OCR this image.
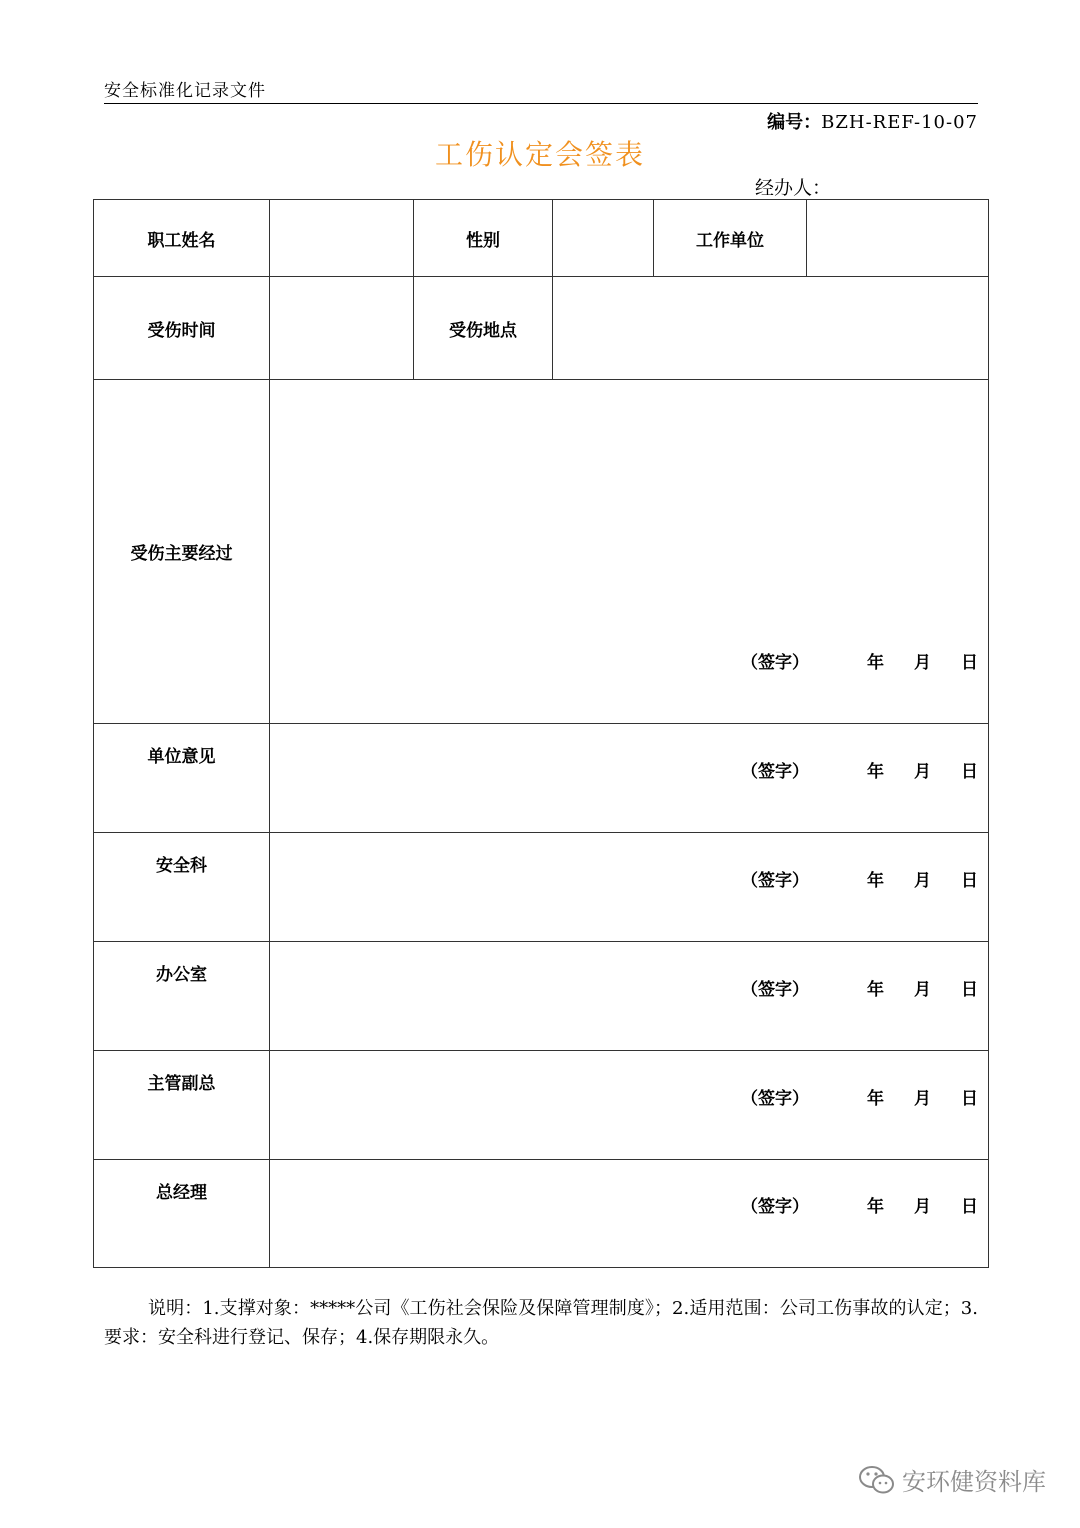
安全标准化记录文件
编号：BZH-REF-10-07
工伤认定会签表
经办人：
职工姓名		性别		工作单位	
受伤时间		受伤地点			
受伤主要经过	（签字） 年 月 日				

单位意见	（签字） 年 月 日				

安全科	（签字） 年 月 日				

办公室	（签字） 年 月 日				

主管副总	（签字） 年 月 日				

总经理	（签字） 年 月 日				
说明：1.支撑对象：*****公司《工伤社会保险及保障管理制度》；2.适用范围：公司工伤事故的认定；3. 要求：安全科进行登记、保存；4.保存期限永久。
安环健资料库
